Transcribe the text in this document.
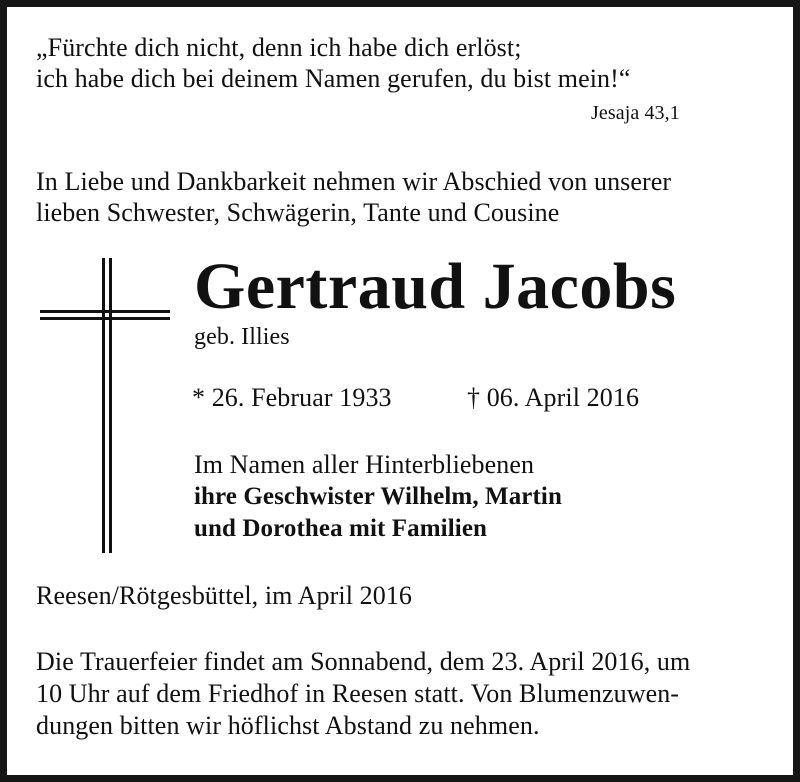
„Fürchte dich nicht, denn ich habe dich erlöst;

ich habe dich bei deinem Namen gerufen, du bist mein!“

Jesaja 43,1

In Liebe und Dankbarkeit nehmen wir Abschied von unserer

lieben Schwester, Schwägerin, Tante und Cousine

Gertraud Jacobs

geb. Illies

* 26. Februar 1933	† 06. April 2016

Im Namen aller Hinterbliebenen

ihre Geschwister Wilhelm, Martin

und Dorothea mit Familien

Reesen/Rötgesbüttel, im April 2016

Die Trauerfeier findet am Sonnabend, dem 23. April 2016, um

10 Uhr auf dem Friedhof in Reesen statt. Von Blumenzuwen-

dungen bitten wir höflichst Abstand zu nehmen.
